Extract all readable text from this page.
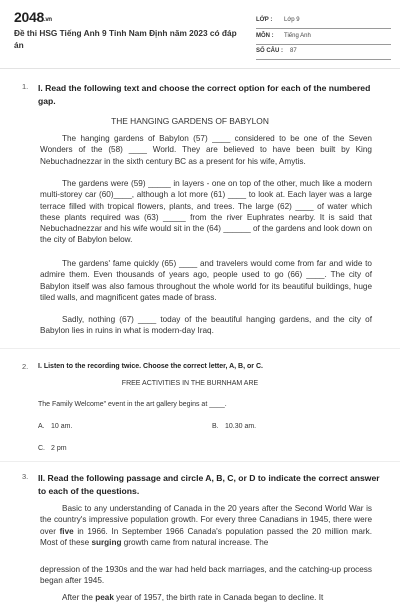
2048.vn
Đề thi HSG Tiếng Anh 9 Tỉnh Nam Định năm 2023 có đáp án
LỚP : Lớp 9
MÔN : Tiếng Anh
SỐ CÂU : 87
1. I. Read the following text and choose the correct option for each of the numbered gap.
THE HANGING GARDENS OF BABYLON

The hanging gardens of Babylon (57) ____ considered to be one of the Seven Wonders of the (58) ____ World. They are believed to have been built by King Nebuchadnezzar in the sixth century BC as a present for his wife, Amytis.

The gardens were (59) _____ in layers - one on top of the other, much like a modern multi-storey car (60)____, although a lot more (61) ____ to look at. Each layer was a large terrace filled with tropical flowers, plants, and trees. The large (62) ____ of water which these plants required was (63) _____ from the river Euphrates nearby. It is said that Nebuchadnezzar and his wife would sit in the (64) ______ of the gardens and look down on the city of Babylon below.

The gardens' fame quickly (65) ____ and travelers would come from far and wide to admire them. Even thousands of years ago, people used to go (66) ____. The city of Babylon itself was also famous throughout the whole world for its beautiful buildings, huge tiled walls, and magnificent gates made of brass.

Sadly, nothing (67) ____ today of the beautiful hanging gardens, and the city of Babylon lies in ruins in what is modern-day Iraq.

2. I. Listen to the recording twice. Choose the correct letter, A, B, or C.
FREE ACTIVITIES IN THE BURNHAM ARE
The Family Welcome" event in the art gallery begins at ____.
A. 10 am.	B. 10.30 am.
C. 2 pm
3. II. Read the following passage and circle A, B, C, or D to indicate the correct answer to each of the questions.

Basic to any understanding of Canada in the 20 years after the Second World War is the country's impressive population growth. For every three Canadians in 1945, there were over five in 1966. In September 1966 Canada's population passed the 20 million mark. Most of these surging growth came from natural increase. The

depression of the 1930s and the war had held back marriages, and the catching-up process began after 1945.

After the peak year of 1957, the birth rate in Canada began to decline. It
